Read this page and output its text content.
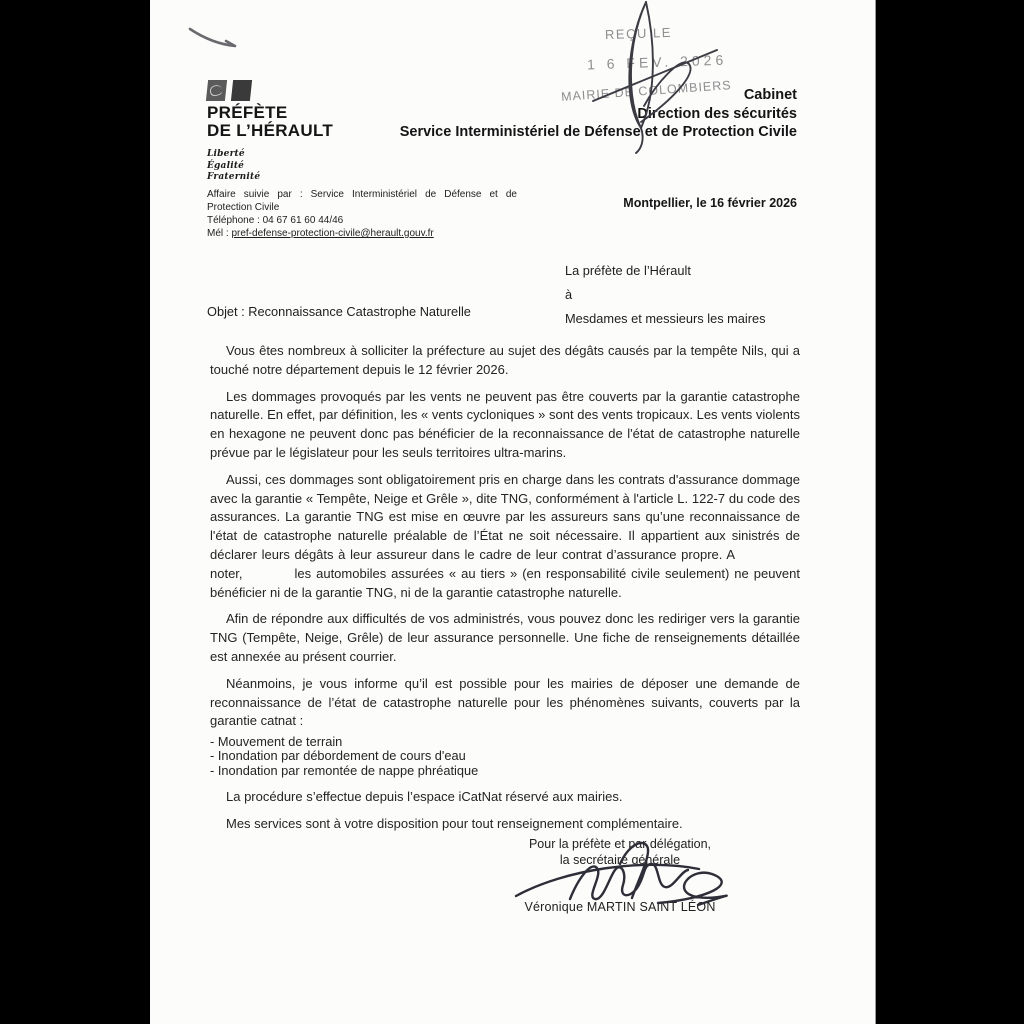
PRÉFÈTE
DE L’HÉRAULT
Liberté
Égalité
Fraternité
REÇU LE
1 6 FEV. 2026
MAIRIE DE COLOMBIERS Cabinet
Direction des sécurités
Service Interministériel de Défense et de Protection Civile
Affaire suivie par : Service Interministériel de Défense et de Protection Civile
Téléphone : 04 67 61 60 44/46
Mél : pref-defense-protection-civile@herault.gouv.fr
Montpellier, le 16 février 2026
La préfète de l’Hérault
à
Mesdames et messieurs les maires
Objet : Reconnaissance Catastrophe Naturelle

Vous êtes nombreux à solliciter la préfecture au sujet des dégâts causés par la tempête Nils, qui a touché notre département depuis le 12 février 2026.

Les dommages provoqués par les vents ne peuvent pas être couverts par la garantie catastrophe naturelle. En effet, par définition, les « vents cycloniques » sont des vents tropicaux. Les vents violents en hexagone ne peuvent donc pas bénéficier de la reconnaissance de l'état de catastrophe naturelle prévue par le législateur pour les seuls territoires ultra-marins.

Aussi, ces dommages sont obligatoirement pris en charge dans les contrats d'assurance dommage avec la garantie « Tempête, Neige et Grêle », dite TNG, conformément à l'article L. 122-7 du code des assurances. La garantie TNG est mise en œuvre par les assureurs sans qu’une reconnaissance de l'état de catastrophe naturelle préalable de l’État ne soit nécessaire. Il appartient aux sinistrés de déclarer leurs dégâts à leur assureur dans le cadre de leur contrat d’assurance propre. A     noter,    les automobiles assurées « au tiers » (en responsabilité civile seulement) ne peuvent bénéficier ni de la garantie TNG, ni de la garantie catastrophe naturelle.

Afin de répondre aux difficultés de vos administrés, vous pouvez donc les rediriger vers la garantie TNG (Tempête, Neige, Grêle) de leur assurance personnelle. Une fiche de renseignements détaillée est annexée au présent courrier.

Néanmoins, je vous informe qu’il est possible pour les mairies de déposer une demande de reconnaissance de l’état de catastrophe naturelle pour les phénomènes suivants, couverts par la garantie catnat :

- Mouvement de terrain
- Inondation par débordement de cours d'eau
- Inondation par remontée de nappe phréatique

La procédure s’effectue depuis l’espace iCatNat réservé aux mairies.

Mes services sont à votre disposition pour tout renseignement complémentaire.

Pour la préfète et par délégation,
la secrétaire générale
Véronique MARTIN SAINT LÉON
